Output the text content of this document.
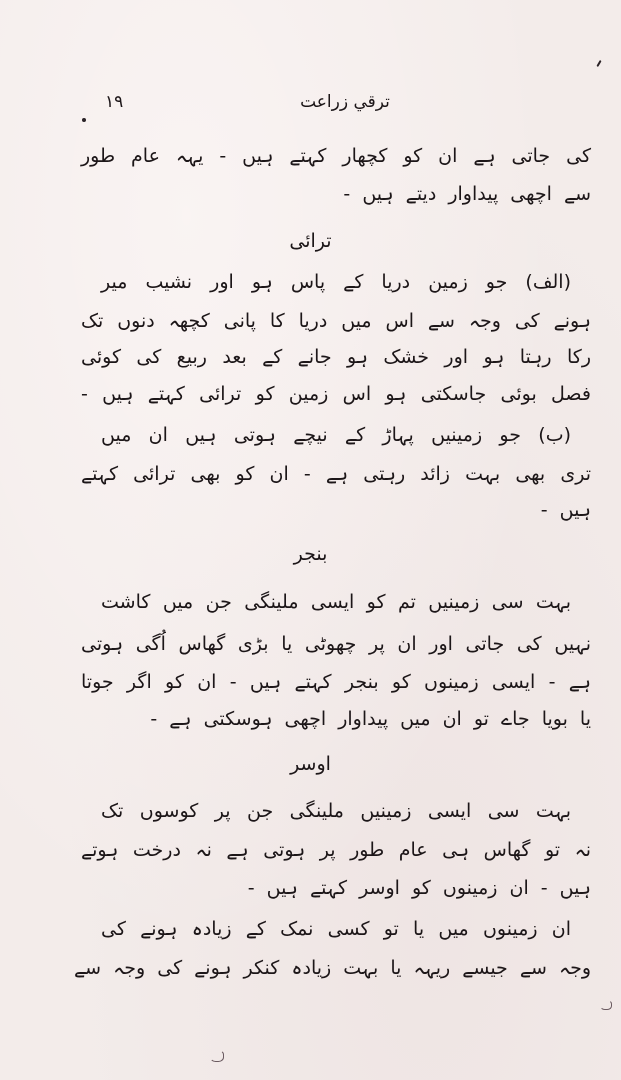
۱۹	ترقي زراعت
کی جاتی ہے ان کو کچھار کہتے ہیں - یہہ عام طور
سے اچھی پیداوار دیتے ہیں -
ترائی
(الف) جو زمین دریا کے پاس ہو اور نشیب میر
ہونے کی وجہ سے اس میں دریا کا پانی کچھہ دنوں تک
رکا رہتا ہو اور خشک ہو جانے کے بعد ربیع کی کوئی
فصل بوئی جاسکتی ہو اس زمین کو ترائی کہتے ہیں -
(ب) جو زمینیں پہاڑ کے نیچے ہوتی ہیں ان میں
تری بھی بہت زائد رہتی ہے - ان کو بھی ترائی کہتے
ہیں -
بنجر
بہت سی زمینیں تم کو ایسی ملینگی جن میں کاشت
نہیں کی جاتی اور ان پر چھوٹی یا بڑی گھاس اُگی ہوتی
ہے - ایسی زمینوں کو بنجر کہتے ہیں - ان کو اگر جوتا
یا بویا جاے تو ان میں پیداوار اچھی ہوسکتی ہے -
اوسر
بہت سی ایسی زمینیں ملینگی جن پر کوسوں تک
نہ تو گھاس ہی عام طور پر ہوتی ہے نہ درخت ہوتے
ہیں - ان زمینوں کو اوسر کہتے ہیں -
ان زمینوں میں یا تو کسی نمک کے زیادہ ہونے کی
وجہ سے جیسے ریہہ یا بہت زیادہ کنکر ہونے کی وجہ سے
